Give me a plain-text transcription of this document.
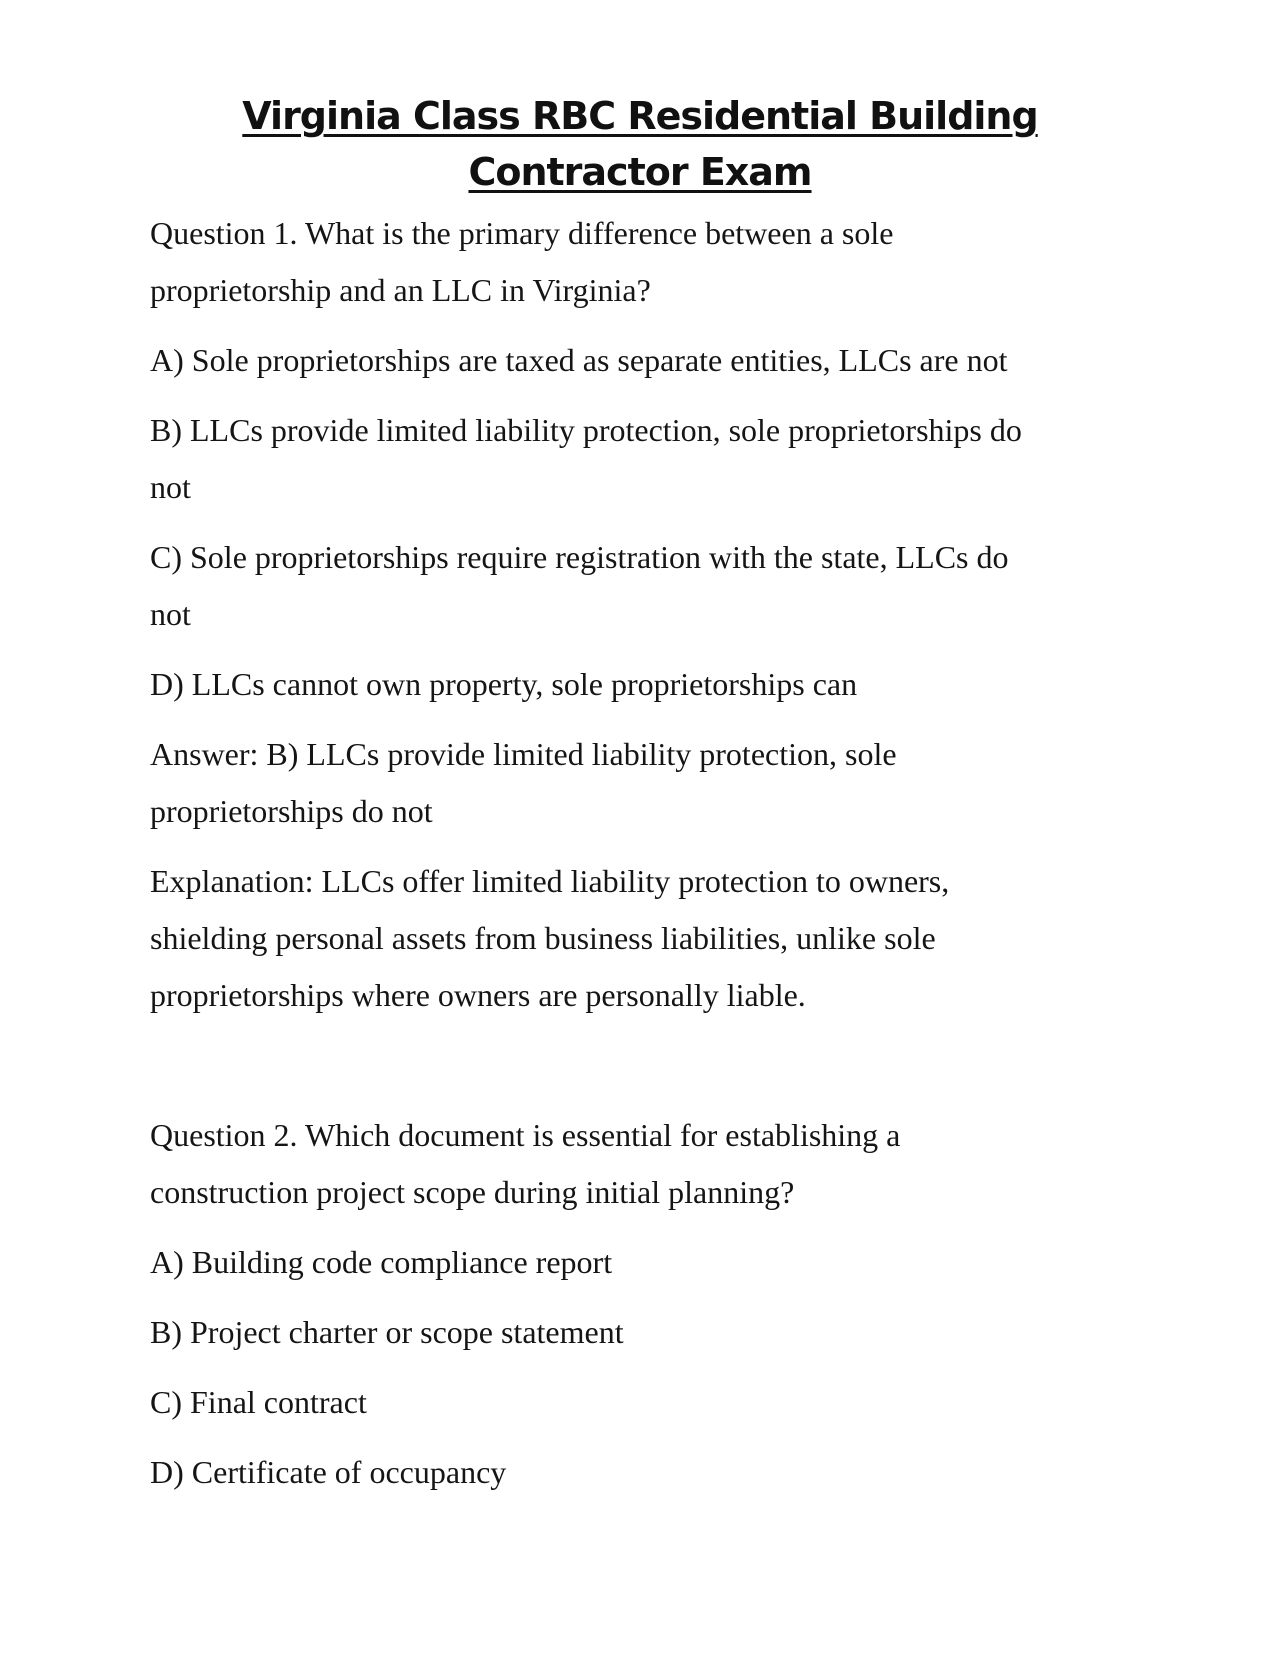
Virginia Class RBC Residential Building
Contractor Exam
Question 1. What is the primary difference between a sole
proprietorship and an LLC in Virginia?
A) Sole proprietorships are taxed as separate entities, LLCs are not
B) LLCs provide limited liability protection, sole proprietorships do
not
C) Sole proprietorships require registration with the state, LLCs do
not
D) LLCs cannot own property, sole proprietorships can
Answer: B) LLCs provide limited liability protection, sole
proprietorships do not
Explanation: LLCs offer limited liability protection to owners,
shielding personal assets from business liabilities, unlike sole
proprietorships where owners are personally liable.
Question 2. Which document is essential for establishing a
construction project scope during initial planning?
A) Building code compliance report
B) Project charter or scope statement
C) Final contract
D) Certificate of occupancy
